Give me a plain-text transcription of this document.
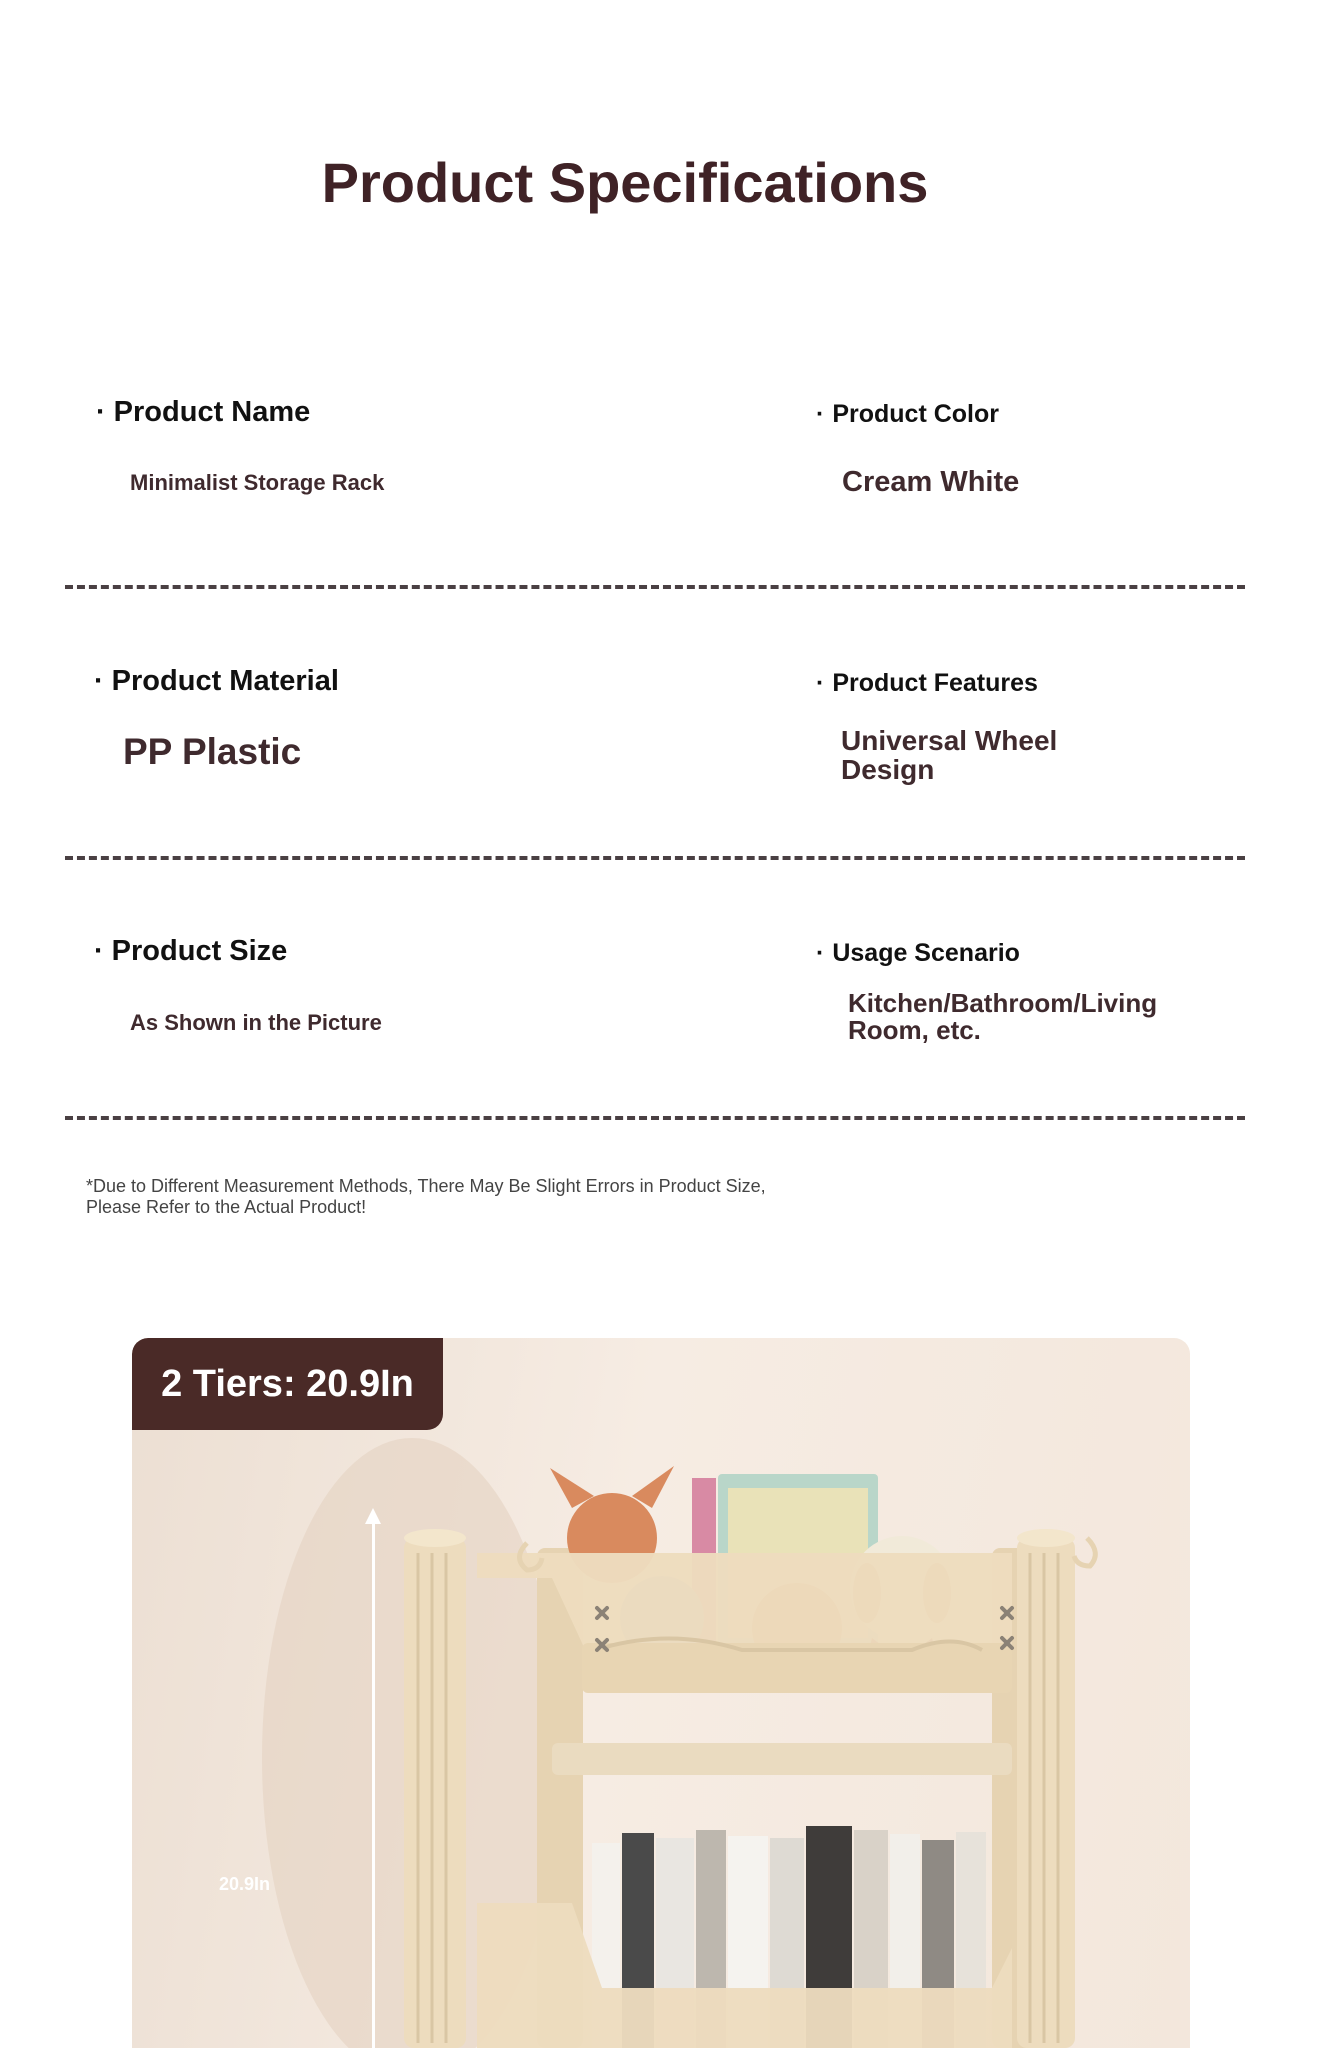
Product Specifications
· Product Name
Minimalist Storage Rack
· Product Color
Cream White
· Product Material
PP Plastic
· Product Features
Universal Wheel Design
· Product Size
As Shown in the Picture
· Usage Scenario
Kitchen/Bathroom/Living Room, etc.
*Due to Different Measurement Methods, There May Be Slight Errors in Product Size, Please Refer to the Actual Product!
2 Tiers: 20.9In
20.9In
